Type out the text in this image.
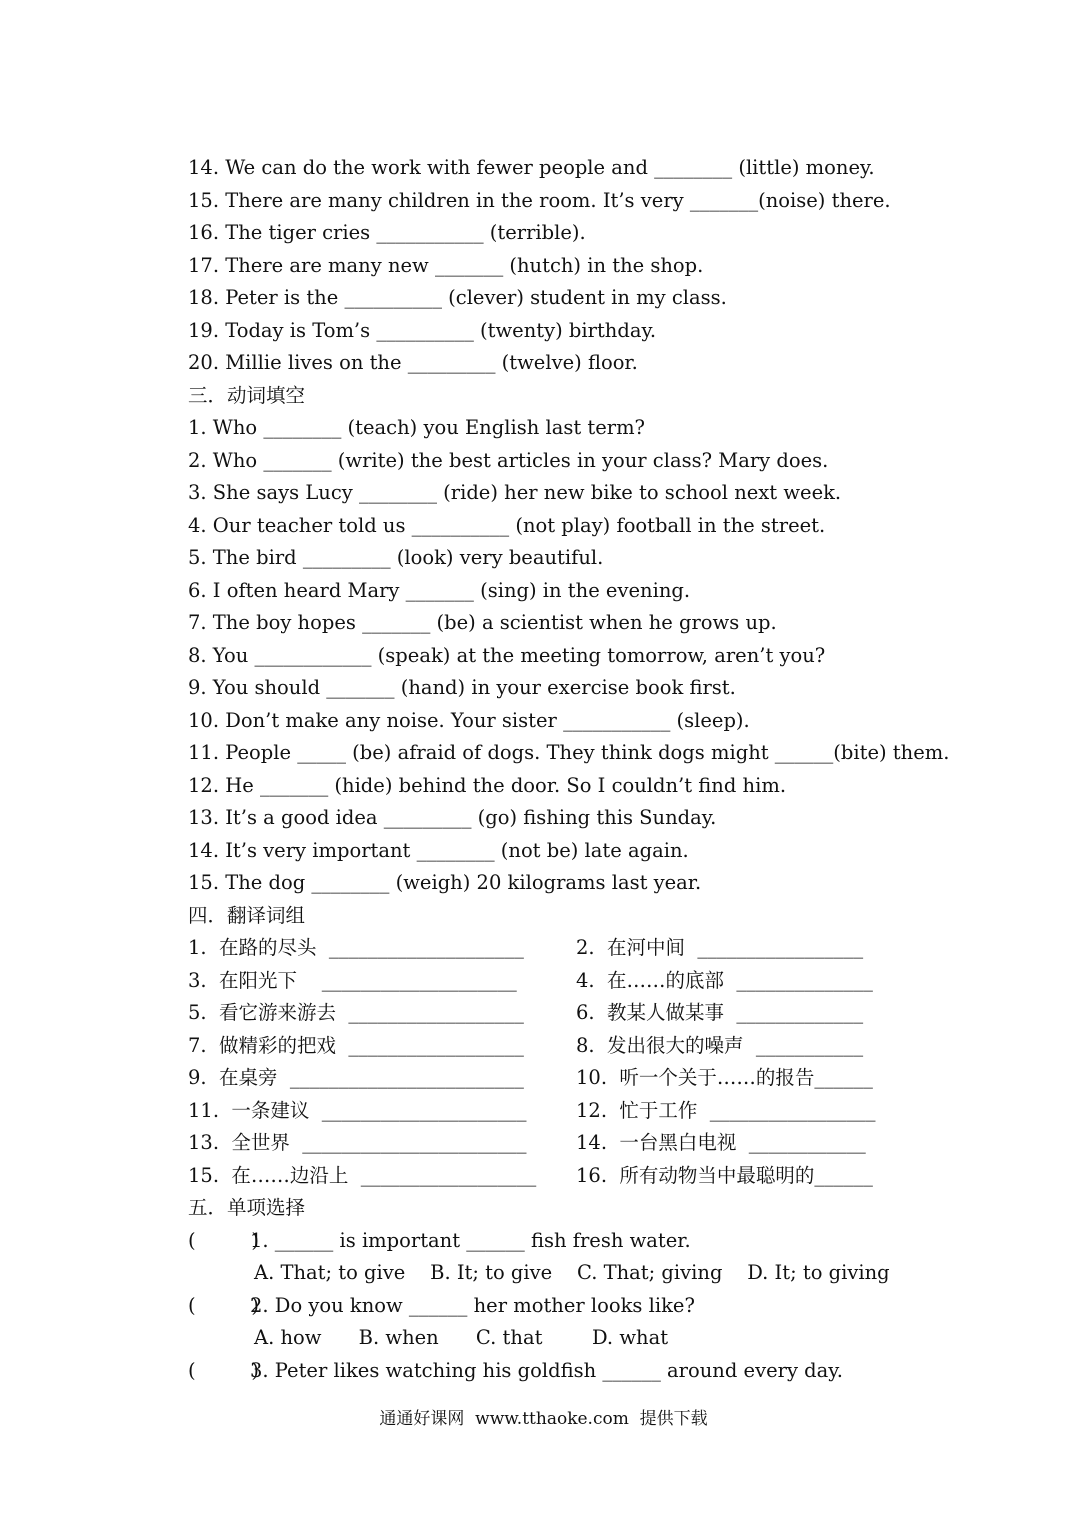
14. We can do the work with fewer people and ________ (little) money.
15. There are many children in the room. It’s very _______(noise) there.
16. The tiger cries ___________ (terrible).
17. There are many new _______ (hutch) in the shop.
18. Peter is the __________ (clever) student in my class.
19. Today is Tom’s __________ (twenty) birthday.
20. Millie lives on the _________ (twelve) floor.
三．动词填空
1. Who ________ (teach) you English last term?
2. Who _______ (write) the best articles in your class? Mary does.
3. She says Lucy ________ (ride) her new bike to school next week.
4. Our teacher told us __________ (not play) football in the street.
5. The bird _________ (look) very beautiful.
6. I often heard Mary _______ (sing) in the evening.
7. The boy hopes _______ (be) a scientist when he grows up.
8. You ____________ (speak) at the meeting tomorrow, aren’t you?
9. You should _______ (hand) in your exercise book first.
10. Don’t make any noise. Your sister ___________ (sleep).
11. People _____ (be) afraid of dogs. They think dogs might ______(bite) them.
12. He _______ (hide) behind the door. So I couldn’t find him.
13. It’s a good idea _________ (go) fishing this Sunday.
14. It’s very important ________ (not be) late again.
15. The dog ________ (weigh) 20 kilograms last year.
四．翻译词组
1.  在路的尽头  ____________________	2.  在河中间  _________________
3.  在阳光下    ____________________	4.  在……的底部  ______________
5.  看它游来游去  __________________	6.  教某人做某事  _____________
7.  做精彩的把戏  __________________	8.  发出很大的噪声  ___________
9.  在桌旁  ________________________	10.  听一个关于……的报告______
11.  一条建议  _____________________	12.  忙于工作  _________________
13.  全世界  _______________________	14.  一台黑白电视  ____________
15.  在……边沿上  __________________	16.  所有动物当中最聪明的______
五．单项选择
(         )
1. ______ is important ______ fish fresh water.
A. That; to give    B. It; to give    C. That; giving    D. It; to giving
(         )
2. Do you know ______ her mother looks like?
A. how      B. when      C. that        D. what
(         )
3. Peter likes watching his goldfish ______ around every day.
通通好课网  www.tthaoke.com  提供下载
